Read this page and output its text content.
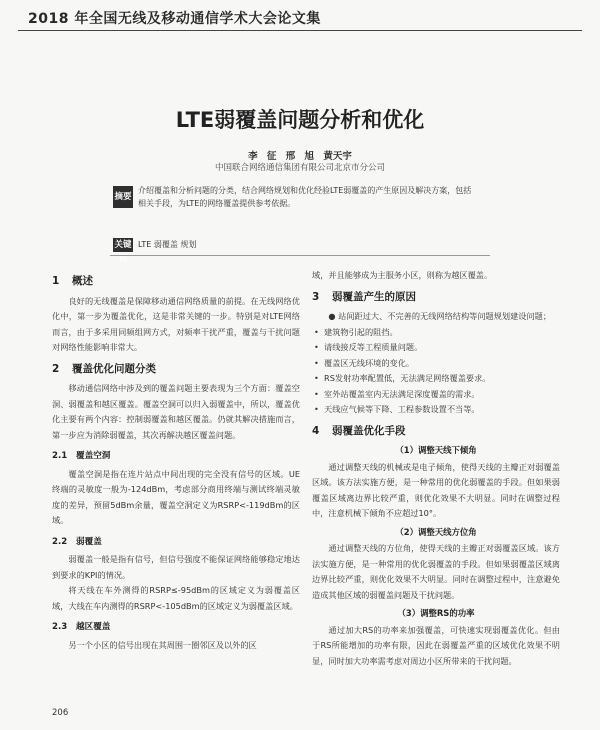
2018 年全国无线及移动通信学术大会论文集
LTE弱覆盖问题分析和优化
李 征 邢 旭 黄天宇
中国联合网络通信集团有限公司北京市分公司
摘要
介绍覆盖和分析问题的分类，结合网络规划和优化经验LTE弱覆盖的产生原因及解决方案，包括相关手段，为LTE的网络覆盖提供参考依据。
关键词
LTE 弱覆盖 规划
1 概述

良好的无线覆盖是保障移动通信网络质量的前提。在无线网络优化中，第一步为覆盖优化，这是非常关键的一步。特别是对LTE网络而言，由于多采用同频组网方式，对频率干扰严重，覆盖与干扰问题对网络性能影响非常大。

2 覆盖优化问题分类

移动通信网络中涉及到的覆盖问题主要表现为三个方面：覆盖空洞、弱覆盖和越区覆盖。覆盖空洞可以归入弱覆盖中，所以，覆盖优化主要有两个内容：控制弱覆盖和越区覆盖。仍就其解决措施而言，第一步应为消除弱覆盖，其次再解决越区覆盖问题。

2.1 覆盖空洞

覆盖空洞是指在连片站点中间出现的完全没有信号的区域。UE终端的灵敏度一般为-124dBm，考虑部分商用终端与测试终端灵敏度的差异，预留5dBm余量，覆盖空洞定义为RSRP<-119dBm的区域。

2.2 弱覆盖

弱覆盖一般是指有信号，但信号强度不能保证网络能够稳定地达到要求的KPI的情况。

将天线在车外测得的RSRP≤-95dBm的区域定义为弱覆盖区域，大线在车内测得的RSRP<-105dBm的区域定义为弱覆盖区域。

2.3 越区覆盖

另一个小区的信号出现在其周围一圈邻区及以外的区

域，并且能够成为主服务小区，则称为越区覆盖。

3 弱覆盖产生的原因

● 站间距过大、不完善的无线网络结构等问题规划建设问题；

• 建筑物引起的阻挡。

• 请线接反等工程质量问题。

• 覆盖区无线环境的变化。

• RS发射功率配置低，无法满足网络覆盖要求。

• 室外站覆盖室内无法满足深度覆盖的需求。

• 天线应气候等下降、工程参数设置不当等。

4 弱覆盖优化手段
（1）调整天线下倾角

通过调整天线的机械或是电子倾角，使得天线的主瓣正对弱覆盖区域。该方法实施方便，是一种常用的优化弱覆盖的手段。但如果弱覆盖区域离边界比较严重，则优化效果不大明显。同时在调整过程中，注意机械下倾角不应超过10°。

（2）调整天线方位角

通过调整天线的方位角，使得天线的主瓣正对弱覆盖区域。该方法实施方便，是一种常用的优化弱覆盖的手段。但如果弱覆盖区域离边界比较严重，则优化效果不大明显。同时在调整过程中，注意避免造成其他区域的弱覆盖问题及干扰问题。

（3）调整RS的功率

通过加大RS的功率来加强覆盖，可快速实现弱覆盖优化。但由于RS所能增加的功率有限，因此在弱覆盖严重的区域优化效果不明显，同时加大功率需考虑对周边小区所带来的干扰问题。

206
